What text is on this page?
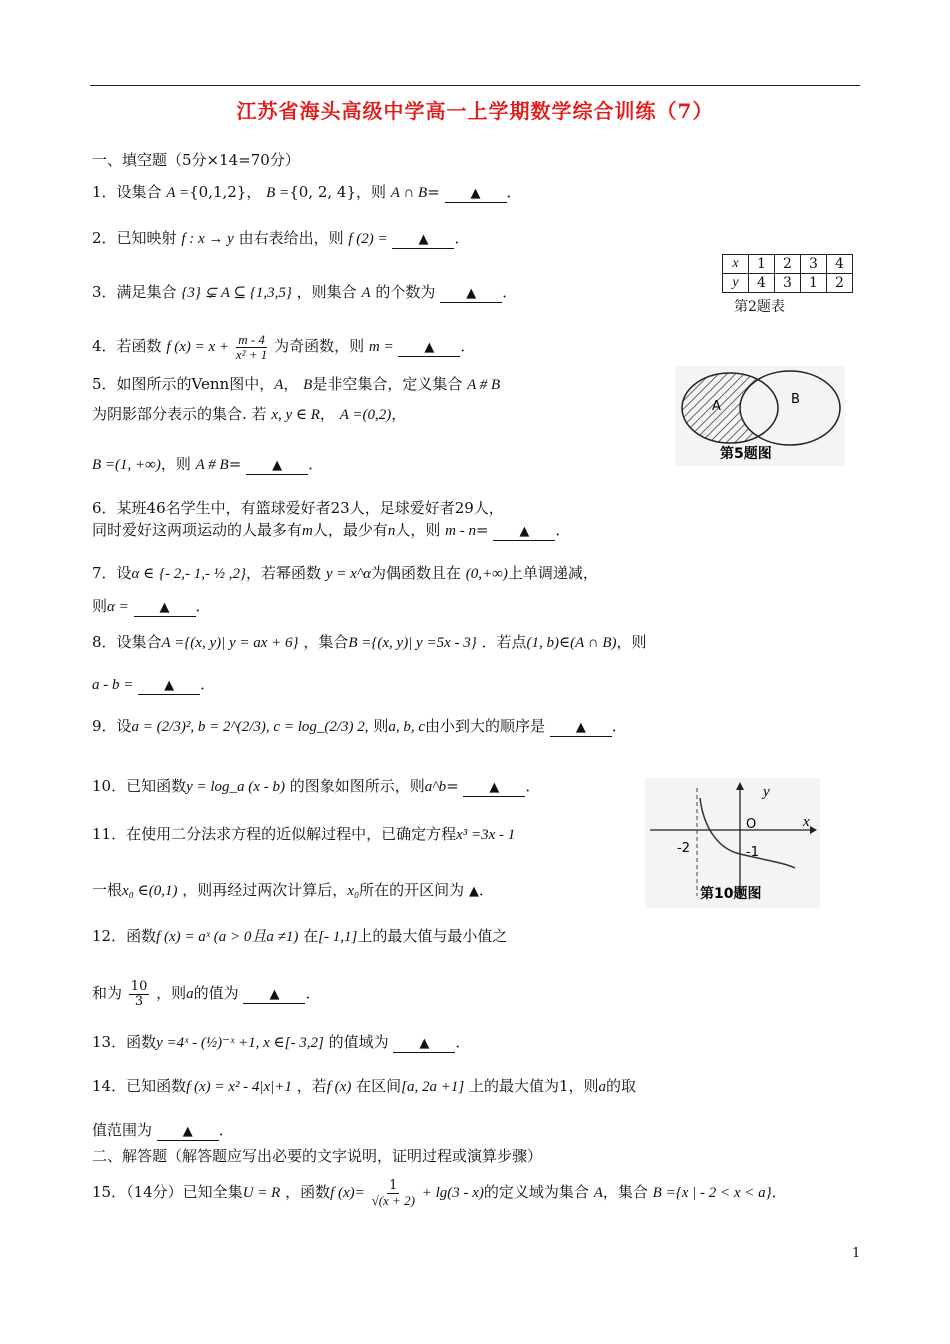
江苏省海头高级中学高一上学期数学综合训练（7）
一、填空题（5分×14=70分）
1．设集合 A ={0,1,2}， B ={0, 2, 4}，则 A ∩ B= ▲ ．
2．已知映射 f : x → y 由右表给出，则 f (2) = ▲ ．
x	1	2	3	4
y	4	3	1	2
第2题表
3．满足集合 {3} ⊊ A ⊆ {1,3,5} ，则集合 A 的个数为 ▲ ．
4．若函数 f $(x) = x + \frac{m - 4}{\text{x² + 1}}$ 为奇函数，则 m = ▲ ．
5．如图所示的Venn图中，A， B是非空集合，定义集合 A # B
为阴影部分表示的集合. 若 x, y ∈ R， A =(0,2)，
B =(1, +∞)，则 A # B= ▲ ．
A	B
第5题图
6．某班46名学生中，有篮球爱好者23人，足球爱好者29人，
同时爱好这两项运动的人最多有m人，最少有n人，则 m - n= ▲ ．
7．设α ∈ {- 2,- 1,- ½ ,2}，若幂函数 y = x^α为偶函数且在 (0,+∞)上单调递减，
则α = ▲ ．
8．设集合A ={(x, y)| y = ax + 6} ，集合B ={(x, y)| y =5x - 3} ．若点(1, b)∈(A ∩ B)，则
a - b = ▲ ．
9．设a = (2/3)², b = 2^(2/3), c = log_(2/3) 2, 则a, b, c由小到大的顺序是 ▲ ．
10．已知函数y = log_a (x - b) 的图象如图所示，则a^b= ▲ ．	y
x
O
-2	-1
第10题图
11．在使用二分法求方程的近似解过程中，已确定方程x³ =3x - 1
一根x₀ ∈(0,1) ，则再经过两次计算后，x₀所在的开区间为 ▲．
12．函数f (x) = aˣ (a > 0且a ≠1) 在[- 1,1]上的最大值与最小值之
和为 $\frac{10}{3}$ ，则a的值为 ▲ ．
13．函数y =4ˣ - (½)⁻ˣ +1, x ∈[- 3,2] 的值域为 ▲ ．
14．已知函数f (x) = x² - 4|x|+1 ，若f (x) 在区间[a, 2a +1] 上的最大值为1，则a的取
值范围为 ▲ ．
二、解答题（解答题应写出必要的文字说明，证明过程或演算步骤）
15．（14分）已知全集U = R ，函数f $(x)= \frac{1}{√(x + 2)} + \lg(3 - x)$的定义域为集合 A，集合 B ={x | - 2 < x < a}．
1
